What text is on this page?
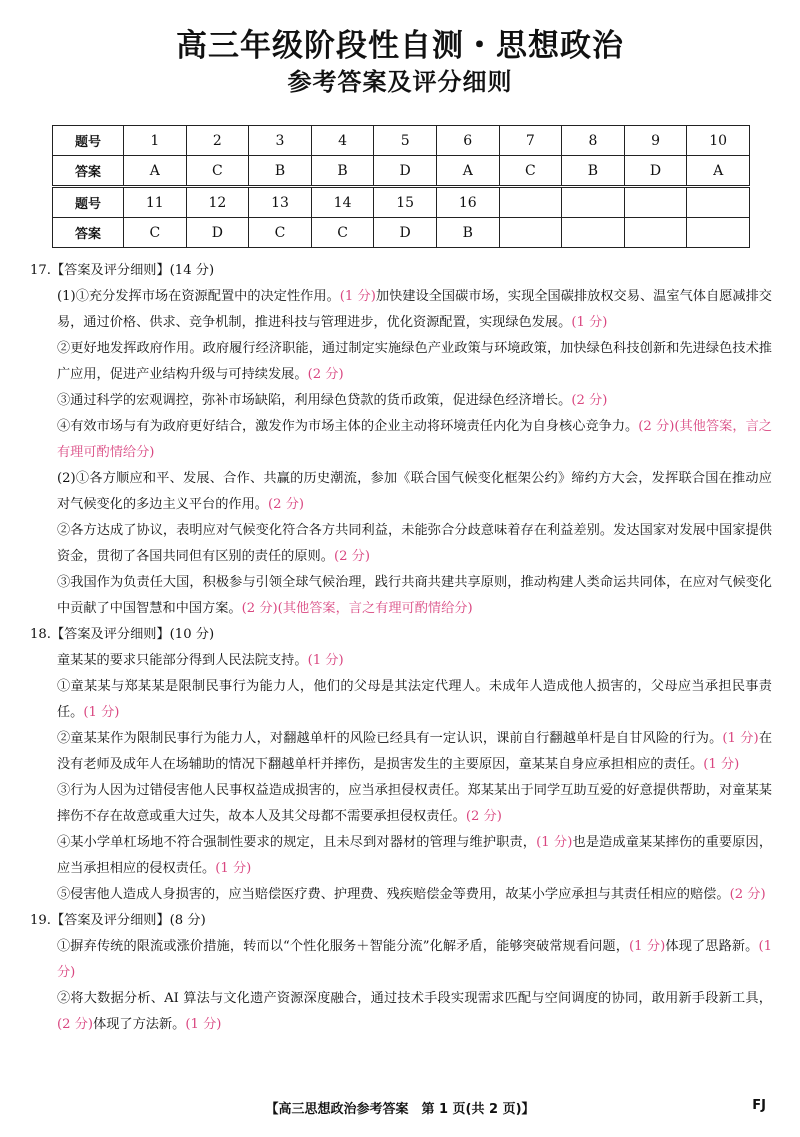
高三年级阶段性自测・思想政治
参考答案及评分细则
题号	1	2	3	4	5	6	7	8	9	10
答案	A	C	B	B	D	A	C	B	D	A
题号	11	12	13	14	15	16				
答案	C	D	C	C	D	B				

17.【答案及评分细则】(14 分)

(1)①充分发挥市场在资源配置中的决定性作用。(1 分)加快建设全国碳市场，实现全国碳排放权交易、温室气体自愿减排交易，通过价格、供求、竞争机制，推进科技与管理进步，优化资源配置，实现绿色发展。(1 分)

②更好地发挥政府作用。政府履行经济职能，通过制定实施绿色产业政策与环境政策，加快绿色科技创新和先进绿色技术推广应用，促进产业结构升级与可持续发展。(2 分)

③通过科学的宏观调控，弥补市场缺陷，利用绿色贷款的货币政策，促进绿色经济增长。(2 分)

④有效市场与有为政府更好结合，激发作为市场主体的企业主动将环境责任内化为自身核心竞争力。(2 分)(其他答案，言之有理可酌情给分)

(2)①各方顺应和平、发展、合作、共赢的历史潮流，参加《联合国气候变化框架公约》缔约方大会，发挥联合国在推动应对气候变化的多边主义平台的作用。(2 分)

②各方达成了协议，表明应对气候变化符合各方共同利益，未能弥合分歧意味着存在利益差别。发达国家对发展中国家提供资金，贯彻了各国共同但有区别的责任的原则。(2 分)

③我国作为负责任大国，积极参与引领全球气候治理，践行共商共建共享原则，推动构建人类命运共同体，在应对气候变化中贡献了中国智慧和中国方案。(2 分)(其他答案，言之有理可酌情给分)

18.【答案及评分细则】(10 分)

童某某的要求只能部分得到人民法院支持。(1 分)

①童某某与郑某某是限制民事行为能力人，他们的父母是其法定代理人。未成年人造成他人损害的，父母应当承担民事责任。(1 分)

②童某某作为限制民事行为能力人，对翻越单杆的风险已经具有一定认识，课前自行翻越单杆是自甘风险的行为。(1 分)在没有老师及成年人在场辅助的情况下翻越单杆并摔伤，是损害发生的主要原因，童某某自身应承担相应的责任。(1 分)

③行为人因为过错侵害他人民事权益造成损害的，应当承担侵权责任。郑某某出于同学互助互爱的好意提供帮助，对童某某摔伤不存在故意或重大过失，故本人及其父母都不需要承担侵权责任。(2 分)

④某小学单杠场地不符合强制性要求的规定，且未尽到对器材的管理与维护职责，(1 分)也是造成童某某摔伤的重要原因，应当承担相应的侵权责任。(1 分)

⑤侵害他人造成人身损害的，应当赔偿医疗费、护理费、残疾赔偿金等费用，故某小学应承担与其责任相应的赔偿。(2 分)

19.【答案及评分细则】(8 分)

①摒弃传统的限流或涨价措施，转而以“个性化服务＋智能分流”化解矛盾，能够突破常规看问题，(1 分)体现了思路新。(1 分)

②将大数据分析、AI 算法与文化遗产资源深度融合，通过技术手段实现需求匹配与空间调度的协同，敢用新手段新工具，(2 分)体现了方法新。(1 分)

【高三思想政治参考答案　第 1 页(共 2 页)】	FJ
